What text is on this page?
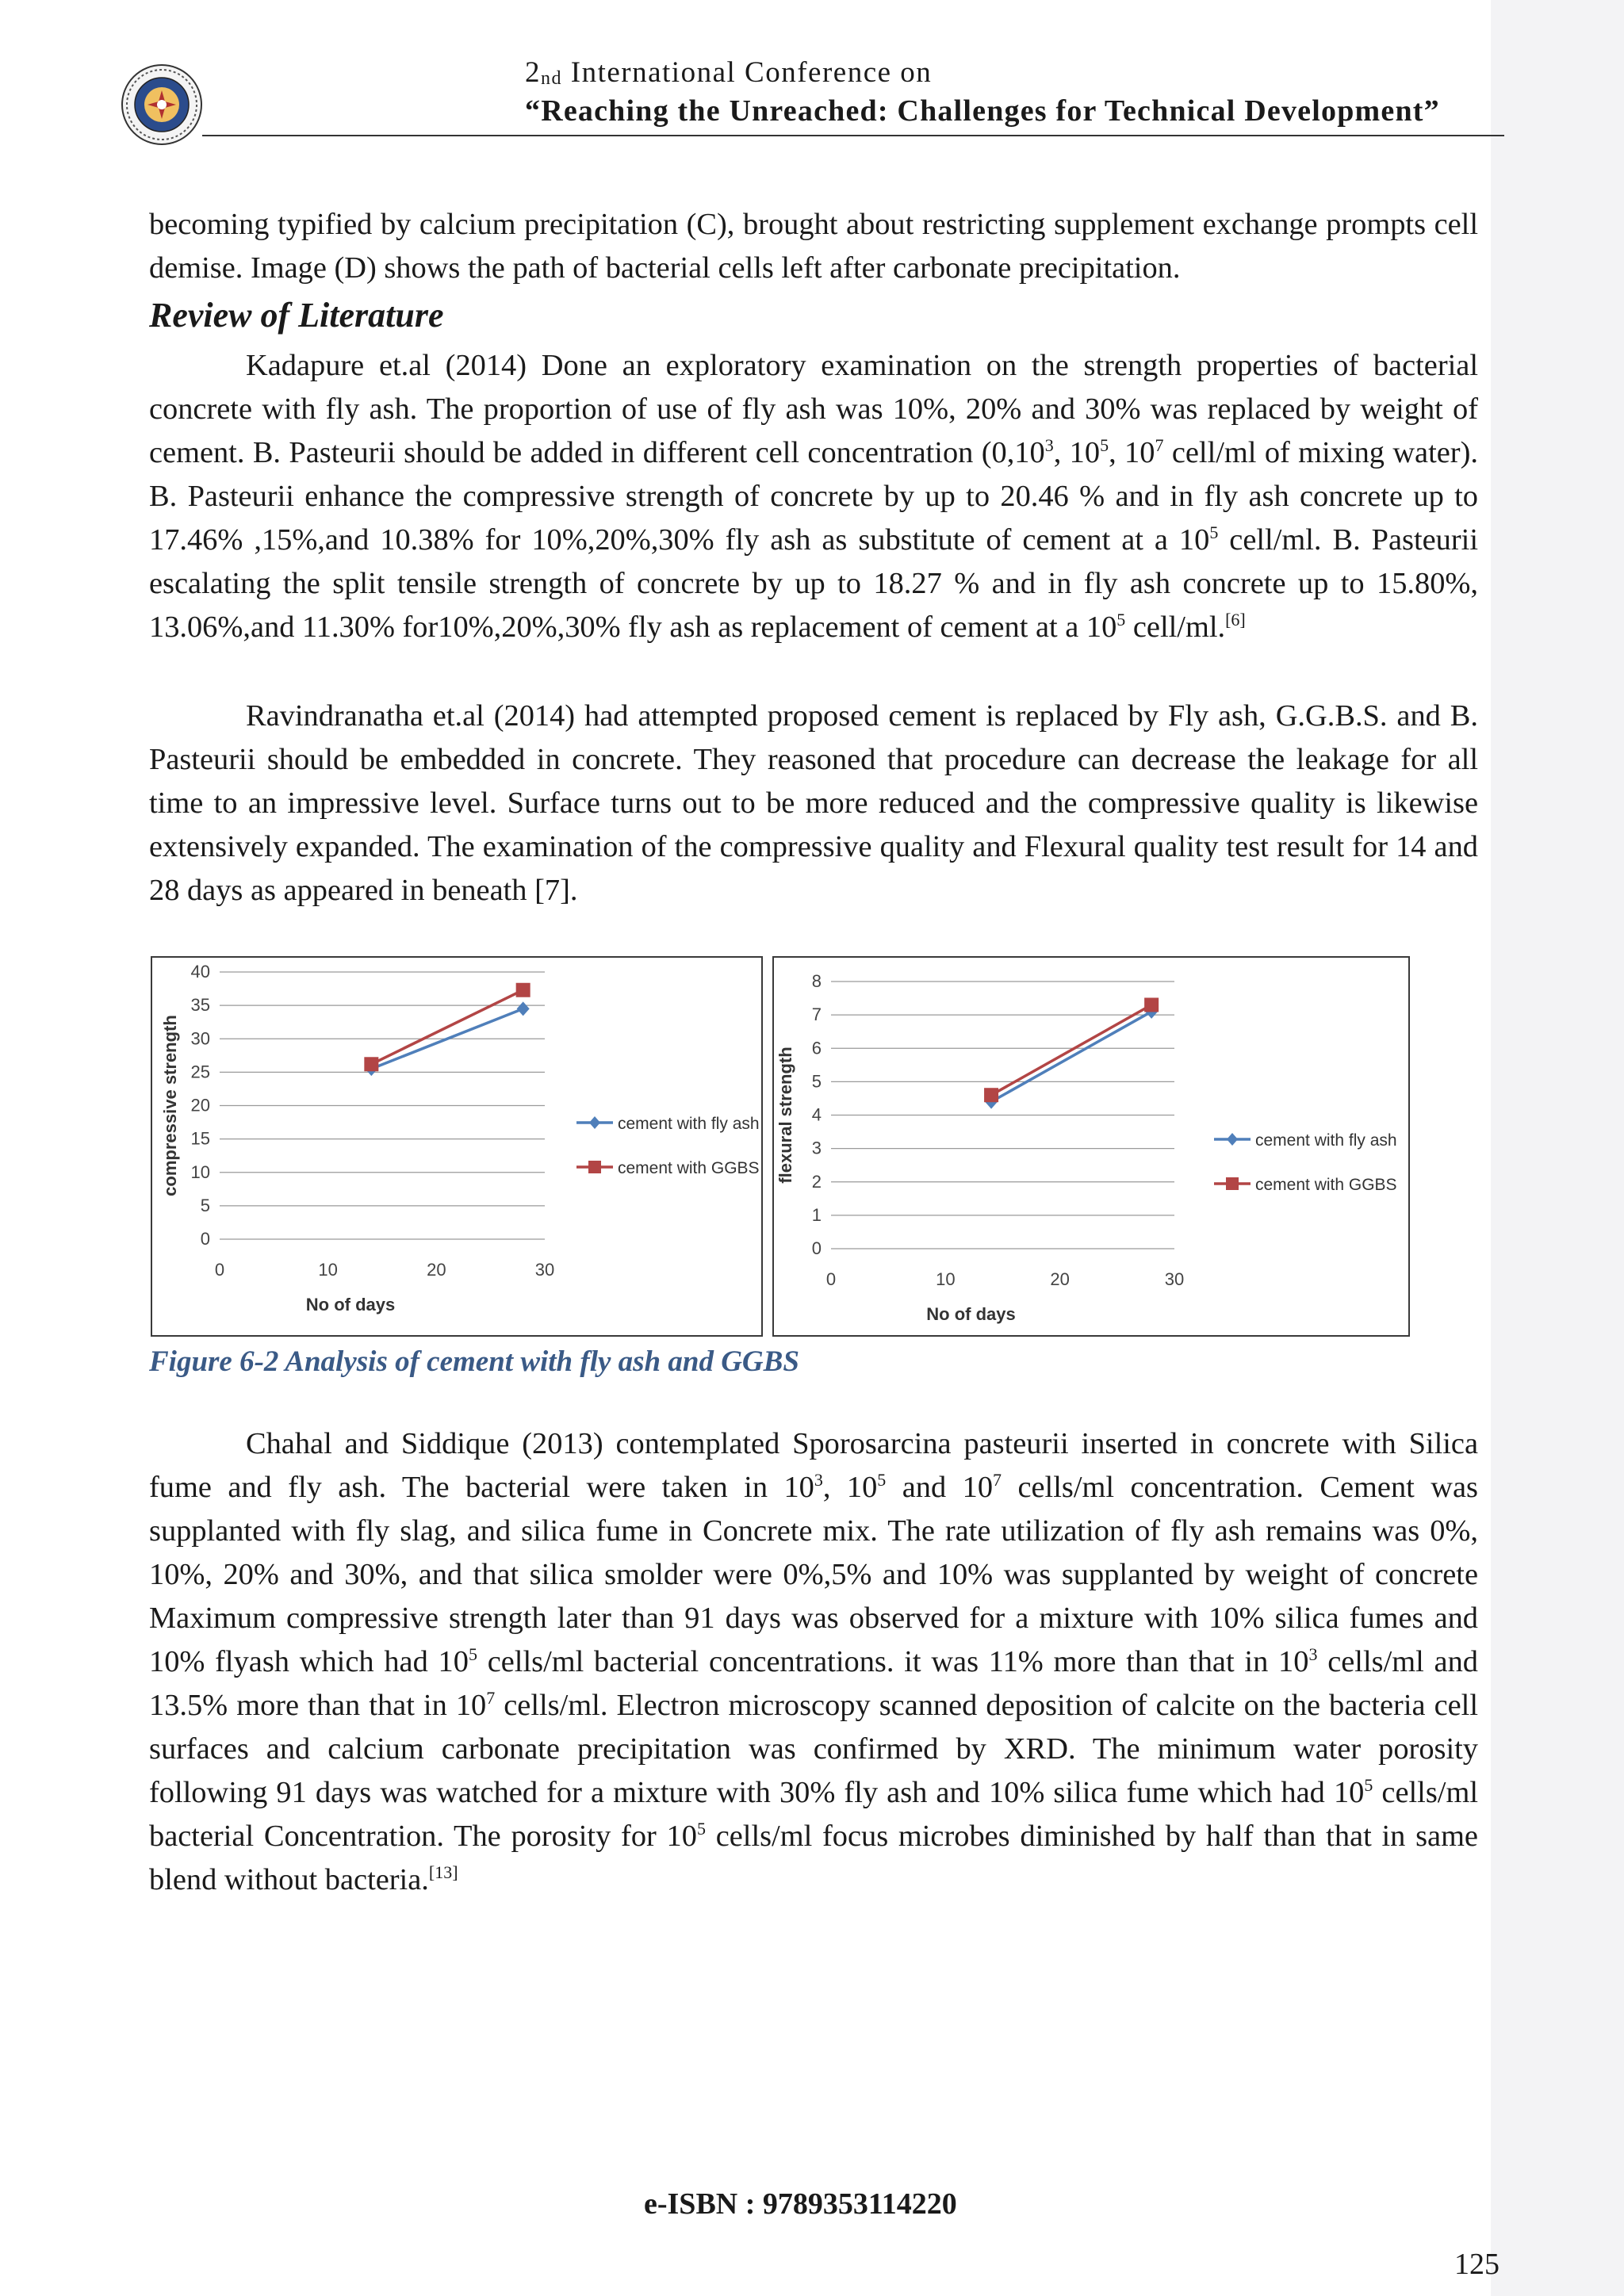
$2_{nd}$ International Conference on
“Reaching the Unreached: Challenges for Technical Development”

becoming typified by calcium precipitation (C), brought about restricting supplement exchange prompts cell demise. Image (D) shows the path of bacterial cells left after carbonate precipitation.

Review of Literature

Kadapure et.al (2014) Done an exploratory examination on the strength properties of bacterial concrete with fly ash. The proportion of use of fly ash was 10%, 20% and 30% was replaced by weight of cement. B. Pasteurii should be added in different cell concentration (0,10$^3$, $10^5$, $10^7$ cell/ml of mixing water). B. Pasteurii enhance the compressive strength of concrete by up to 20.46 % and in fly ash concrete up to 17.46% ,15%,and 10.38% for 10%,20%,30% fly ash as substitute of cement at a $10^5$ cell/ml. B. Pasteurii escalating the split tensile strength of concrete by up to 18.27 % and in fly ash concrete up to 15.80%, 13.06%,and 11.30% for10%,20%,30% fly ash as replacement of cement at a $10^5$ cell/ml.[6]

Ravindranatha et.al (2014) had attempted proposed cement is replaced by Fly ash, G.G.B.S. and B. Pasteurii should be embedded in concrete. They reasoned that procedure can decrease the leakage for all time to an impressive level. Surface turns out to be more reduced and the compressive quality is likewise extensively expanded. The examination of the compressive quality and Flexural quality test result for 14 and 28 days as appeared in beneath [7].

0
5
10
15
20
25
30
35
40
0	10	20	30
No of days
compressive strength	cement with fly ash
cement with GGBS
0
1
2
3
4
5
6
7
8
0	10	20	30
No of days
flexural strength	cement with fly ash
cement with GGBS

Figure 6-2 Analysis of cement with fly ash and GGBS

Chahal and Siddique (2013) contemplated Sporosarcina pasteurii inserted in concrete with Silica fume and fly ash. The bacterial were taken in $10^3$, $10^5$ and $10^7$ cells/ml concentration. Cement was supplanted with fly slag, and silica fume in Concrete mix. The rate utilization of fly ash remains was 0%, 10%, 20% and 30%, and that silica smolder were 0%,5% and 10% was supplanted by weight of concrete Maximum compressive strength later than 91 days was observed for a mixture with 10% silica fumes and 10% flyash which had $10^5$ cells/ml bacterial concentrations. it was 11% more than that in $10^3$ cells/ml and 13.5% more than that in $10^7$ cells/ml. Electron microscopy scanned deposition of calcite on the bacteria cell surfaces and calcium carbonate precipitation was confirmed by XRD. The minimum water porosity following 91 days was watched for a mixture with 30% fly ash and 10% silica fume which had $10^5$ cells/ml bacterial Concentration. The porosity for $10^5$ cells/ml focus microbes diminished by half than that in same blend without bacteria.[13]

e-ISBN : 9789353114220
125
